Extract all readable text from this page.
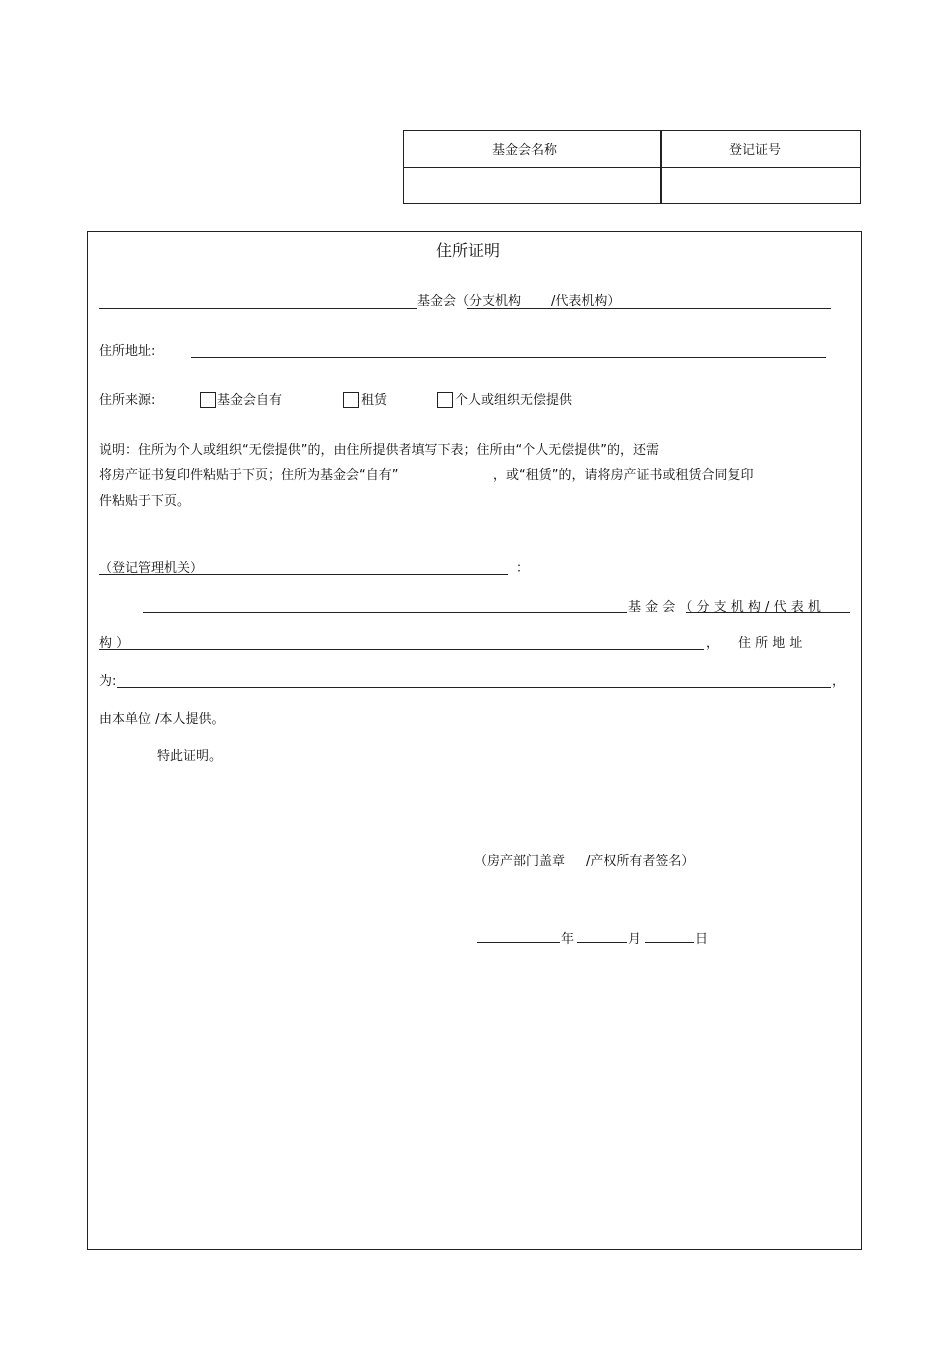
基金会名称	登记证号
住所证明
基金会（分支机构 /代表机构）
住所地址:
住所来源:	基金会自有	租赁	个人或组织无偿提供
说明：住所为个人或组织“无偿提供”的，由住所提供者填写下表；住所由“个人无偿提供”的，还需
将房产证书复印件粘贴于下页；住所为基金会“自有”	，或“租赁”的，请将房产证书或租赁合同复印
件粘贴于下页。
（登记管理机关）	：
基 金 会 （ 分 支 机 构 / 代 表 机
构 ）	， 住 所 地 址
为:	，
由本单位 /本人提供。
特此证明。
（房产部门盖章 /产权所有者签名）
年	月	日
